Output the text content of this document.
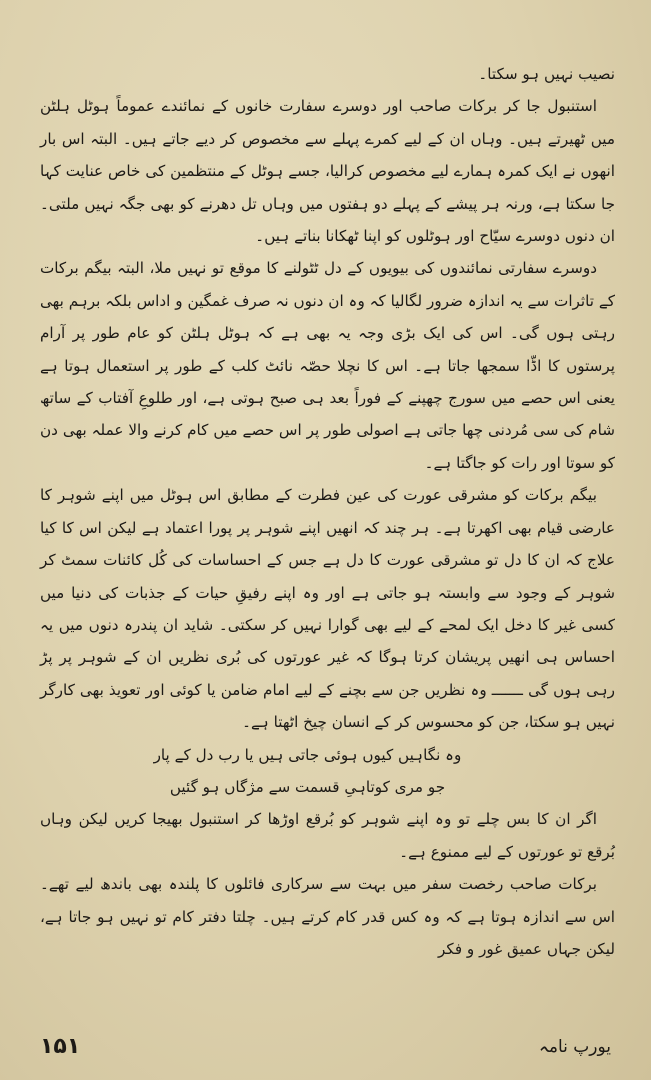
نصیب نہیں ہو سکتا۔

استنبول جا کر برکات صاحب اور دوسرے سفارت خانوں کے نمائندے عموماً ہوٹل ہلٹن میں ٹھیرتے ہیں۔ وہاں ان کے لیے کمرے پہلے سے مخصوص کر دیے جاتے ہیں۔ البتہ اس بار انھوں نے ایک کمرہ ہمارے لیے مخصوص کرالیا، جسے ہوٹل کے منتظمین کی خاص عنایت کہا جا سکتا ہے، ورنہ ہر پیشے کے پہلے دو ہفتوں میں وہاں تل دھرنے کو بھی جگہ نہیں ملتی۔ ان دنوں دوسرے سیّاح اور ہوٹلوں کو اپنا ٹھکانا بناتے ہیں۔

دوسرے سفارتی نمائندوں کی بیویوں کے دل ٹٹولنے کا موقع تو نہیں ملا، البتہ بیگم برکات کے تاثرات سے یہ اندازہ ضرور لگالیا کہ وہ ان دنوں نہ صرف غمگین و اداس بلکہ برہم بھی رہتی ہوں گی۔ اس کی ایک بڑی وجہ یہ بھی ہے کہ ہوٹل ہلٹن کو عام طور پر آرام پرستوں کا اڈّا سمجھا جاتا ہے۔ اس کا نچلا حصّہ نائٹ کلب کے طور پر استعمال ہوتا ہے یعنی اس حصے میں سورج چھپنے کے فوراً بعد ہی صبح ہوتی ہے، اور طلوعِ آفتاب کے ساتھ شام کی سی مُردنی چھا جاتی ہے اصولی طور پر اس حصے میں کام کرنے والا عملہ بھی دن کو سوتا اور رات کو جاگتا ہے۔

بیگم برکات کو مشرقی عورت کی عین فطرت کے مطابق اس ہوٹل میں اپنے شوہر کا عارضی قیام بھی اکھرتا ہے۔ ہر چند کہ انھیں اپنے شوہر پر پورا اعتماد ہے لیکن اس کا کیا علاج کہ ان کا دل تو مشرقی عورت کا دل ہے جس کے احساسات کی کُل کائنات سمٹ کر شوہر کے وجود سے وابستہ ہو جاتی ہے اور وہ اپنے رفیقِ حیات کے جذبات کی دنیا میں کسی غیر کا دخل ایک لمحے کے لیے بھی گوارا نہیں کر سکتی۔ شاید ان پندرہ دنوں میں یہ احساس ہی انھیں پریشان کرتا ہوگا کہ غیر عورتوں کی بُری نظریں ان کے شوہر پر پڑ رہی ہوں گی ـــــــ وہ نظریں جن سے بچنے کے لیے امام ضامن یا کوئی اور تعویذ بھی کارگر نہیں ہو سکتا، جن کو محسوس کر کے انسان چیخ اٹھتا ہے۔

وہ نگاہیں کیوں ہوئی جاتی ہیں یا رب دل کے پار

جو مری کوتاہیِ قسمت سے مژگاں ہو گئیں

اگر ان کا بس چلے تو وہ اپنے شوہر کو بُرقع اوڑھا کر استنبول بھیجا کریں لیکن وہاں بُرقع تو عورتوں کے لیے ممنوع ہے۔

برکات صاحب رخصت سفر میں بہت سے سرکاری فائلوں کا پلندہ بھی باندھ لیے تھے۔ اس سے اندازہ ہوتا ہے کہ وہ کس قدر کام کرتے ہیں۔ چلتا دفتر کام تو نہیں ہو جاتا ہے، لیکن جہاں عمیق غور و فکر

۱۵۱	یورپ نامہ
